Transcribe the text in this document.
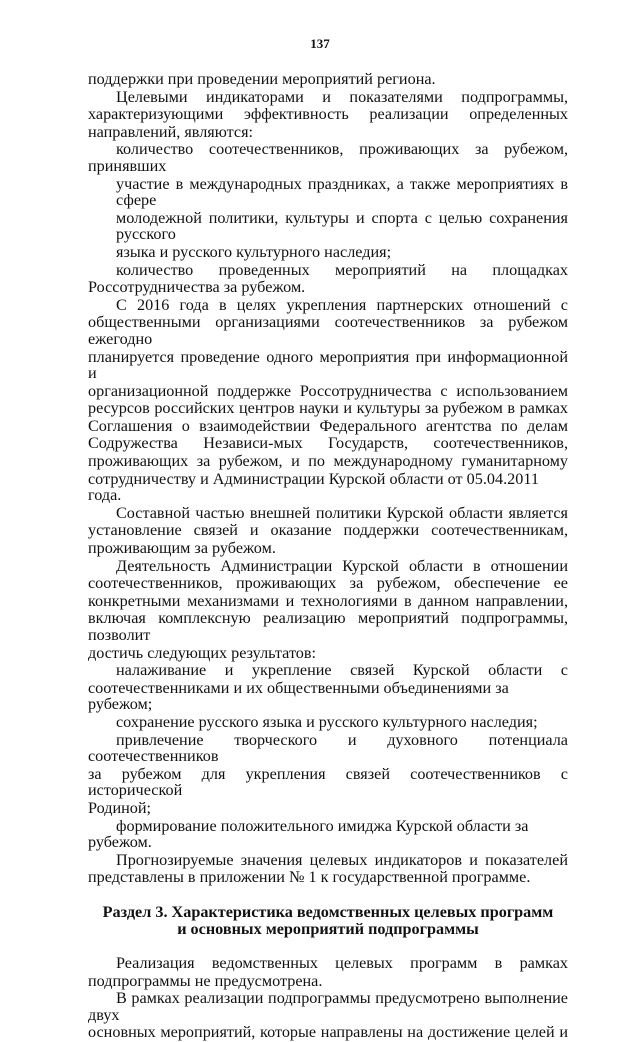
137

поддержки при проведении мероприятий региона.

Целевыми индикаторами и показателями подпрограммы,

характеризующими эффективность реализации определенных

направлений, являются:

количество соотечественников, проживающих за рубежом, принявших

участие в международных праздниках, а также мероприятиях в сфере

молодежной политики, культуры и спорта с целью сохранения русского

языка и русского культурного наследия;

количество проведенных мероприятий на площадках

Россотрудничества за рубежом.

С 2016 года в целях укрепления партнерских отношений с

общественными организациями соотечественников за рубежом ежегодно

планируется проведение одного мероприятия при информационной и

организационной поддержке Россотрудничества с использованием

ресурсов российских центров науки и культуры за рубежом в рамках

Соглашения о взаимодействии Федерального агентства по делам

Содружества Независи-мых Государств, соотечественников,

проживающих за рубежом, и по международному гуманитарному

сотрудничеству и Администрации Курской области от 05.04.2011 года.

Составной частью внешней политики Курской области является

установление связей и оказание поддержки соотечественникам,

проживающим за рубежом.

Деятельность Администрации Курской области в отношении

соотечественников, проживающих за рубежом, обеспечение ее

конкретными механизмами и технологиями в данном направлении,

включая комплексную реализацию мероприятий подпрограммы, позволит

достичь следующих результатов:

налаживание и укрепление связей Курской области с

соотечественниками и их общественными объединениями за рубежом;

сохранение русского языка и русского культурного наследия;

привлечение творческого и духовного потенциала соотечественников

за рубежом для укрепления связей соотечественников с исторической

Родиной;

формирование положительного имиджа Курской области за рубежом.

Прогнозируемые значения целевых индикаторов и показателей

представлены в приложении № 1 к государственной программе.

Раздел 3. Характеристика ведомственных целевых программ
и основных мероприятий подпрограммы

Реализация ведомственных целевых программ в рамках

подпрограммы не предусмотрена.

В рамках реализации подпрограммы предусмотрено выполнение двух

основных мероприятий, которые направлены на достижение целей и
